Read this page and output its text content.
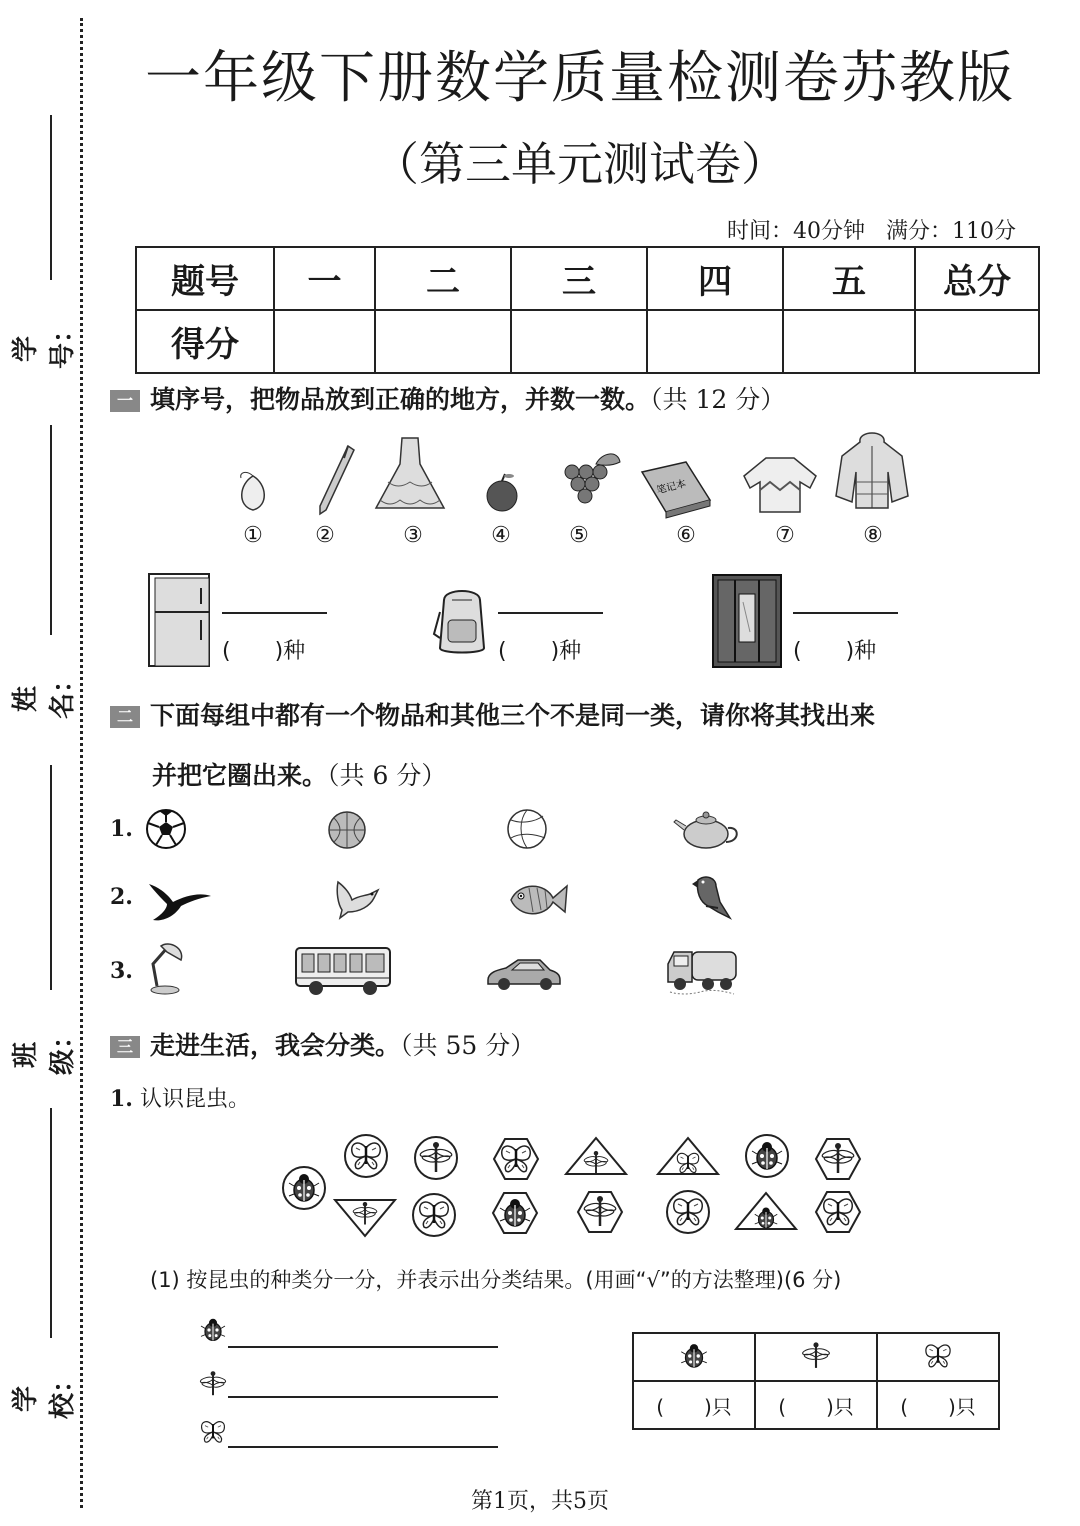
学号：
姓名：
班级：
学校：
一年级下册数学质量检测卷苏教版
（第三单元测试卷）
时间：40分钟 满分：110分
题号	一	二	三	四	五	总分
得分						
一 填序号，把物品放到正确的地方，并数一数。（共 12 分）
笔记本
①	②	③	④	⑤	⑥	⑦	⑧
(　　)种	(　　)种	(　　)种
二 下面每组中都有一个物品和其他三个不是同一类，请你将其找出来
并把它圈出来。（共 6 分）
1.
2.
3.
三 走进生活，我会分类。（共 55 分）
1. 认识昆虫。
(1) 按昆虫的种类分一分，并表示出分类结果。(用画“√”的方法整理)(6 分)

(　　)只	(　　)只	(　　)只
第1页，共5页
